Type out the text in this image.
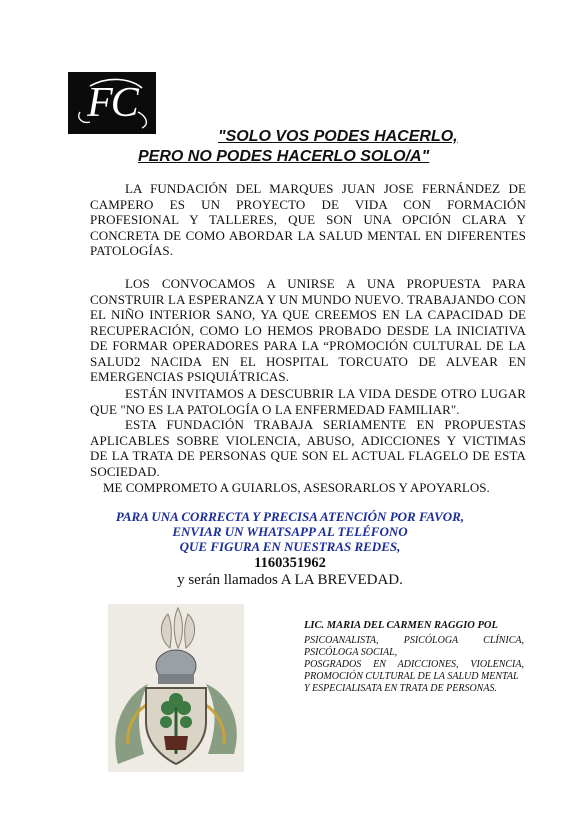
FC
"SOLO VOS PODES HACERLO,
PERO NO PODES HACERLO SOLO/A"
LA FUNDACIÓN DEL MARQUES JUAN JOSE FERNÁNDEZ DE CAMPERO ES UN PROYECTO DE VIDA CON FORMACIÓN PROFESIONAL Y TALLERES, QUE SON UNA OPCIÓN CLARA Y CONCRETA DE COMO ABORDAR LA SALUD MENTAL EN DIFERENTES PATOLOGÍAS.
LOS CONVOCAMOS A UNIRSE A UNA PROPUESTA PARA CONSTRUIR LA ESPERANZA Y UN MUNDO NUEVO. TRABAJANDO CON EL NIÑO INTERIOR SANO, YA QUE CREEMOS EN LA CAPACIDAD DE RECUPERACIÓN, COMO LO HEMOS PROBADO DESDE LA INICIATIVA DE FORMAR OPERADORES PARA LA “PROMOCIÓN CULTURAL DE LA SALUD2 NACIDA EN EL HOSPITAL TORCUATO DE ALVEAR EN EMERGENCIAS PSIQUIÁTRICAS.
ESTÁN INVITAMOS A DESCUBRIR LA VIDA DESDE OTRO LUGAR QUE "NO ES LA PATOLOGÍA O LA ENFERMEDAD FAMILIAR".
ESTA FUNDACIÓN TRABAJA SERIAMENTE EN PROPUESTAS APLICABLES SOBRE VIOLENCIA, ABUSO, ADICCIONES Y VICTIMAS DE LA TRATA DE PERSONAS QUE SON EL ACTUAL FLAGELO DE ESTA SOCIEDAD.
ME COMPROMETO A GUIARLOS, ASESORARLOS Y APOYARLOS.
PARA UNA CORRECTA Y PRECISA ATENCIÓN POR FAVOR,
ENVIAR UN WHATSAPP AL TELÉFONO
QUE FIGURA EN NUESTRAS REDES,
1160351962
y serán llamados A LA BREVEDAD.
LIC. MARIA DEL CARMEN RAGGIO POL
PSICOANALISTA, PSICÓLOGA CLÍNICA, PSICÓLOGA SOCIAL,
POSGRADOS EN ADICCIONES, VIOLENCIA, PROMOCIÓN CULTURAL DE LA SALUD MENTAL
Y ESPECIALISATA EN TRATA DE PERSONAS.
